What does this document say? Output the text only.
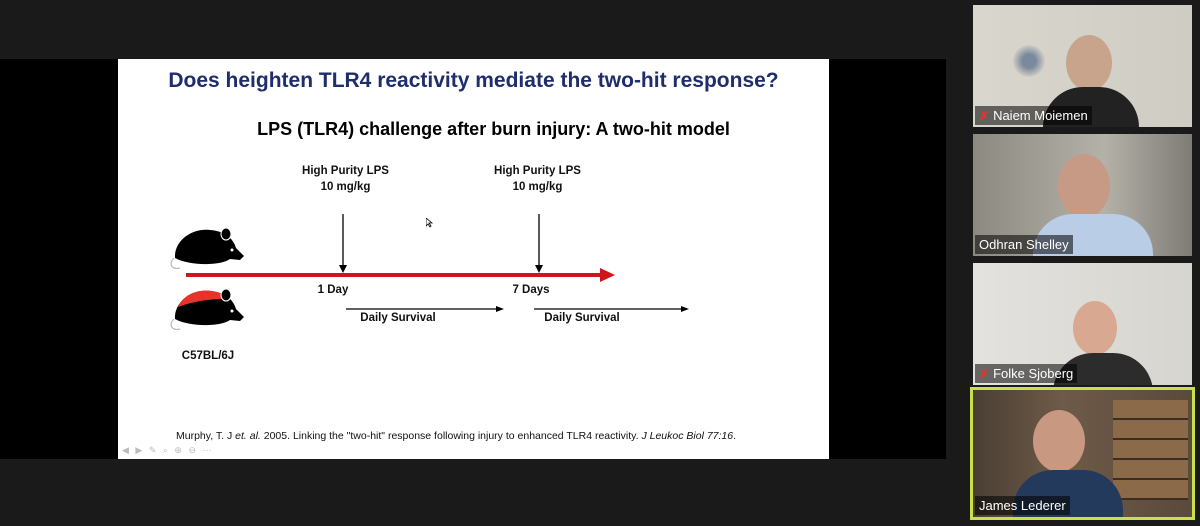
Does heighten TLR4 reactivity mediate the two-hit response?
LPS (TLR4) challenge after burn injury: A two-hit model
High Purity LPS
10 mg/kg
High Purity LPS
10 mg/kg
1 Day	7 Days
Daily Survival	Daily Survival
C57BL/6J
Murphy, T. J et. al. 2005. Linking the "two-hit" response following injury to enhanced TLR4 reactivity. J Leukoc Biol 77:16.
◀ ▶ ✎ ⌕ ⊕ ⊖ ⋯
✗ Naiem Moiemen
Odhran Shelley
✗ Folke Sjoberg
James Lederer
